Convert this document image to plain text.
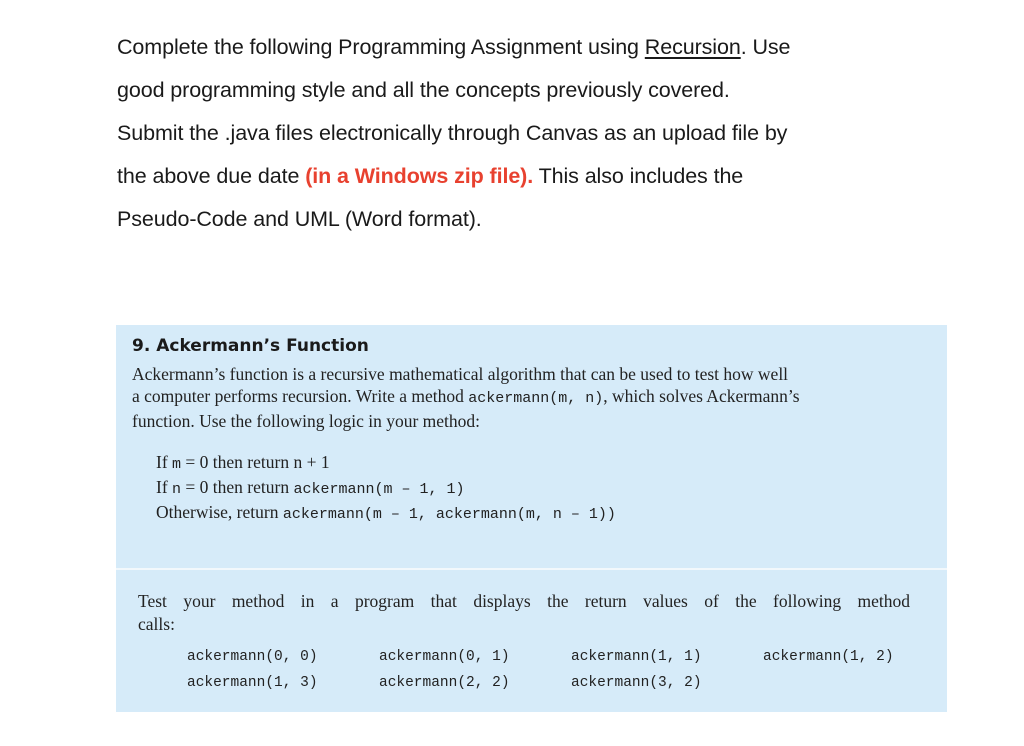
Complete the following Programming Assignment using Recursion. Use
good programming style and all the concepts previously covered.
Submit the .java files electronically through Canvas as an upload file by
the above due date (in a Windows zip file). This also includes the
Pseudo-Code and UML (Word format).
9. Ackermann’s Function
Ackermann’s function is a recursive mathematical algorithm that can be used to test how well
a computer performs recursion. Write a method ackermann(m, n), which solves Ackermann’s
function. Use the following logic in your method:
If m = 0 then return n + 1
If n = 0 then return ackermann(m – 1, 1)
Otherwise, return ackermann(m – 1, ackermann(m, n – 1))
Test your method in a program that displays the return values of the following method
calls:
ackermann(0, 0)	ackermann(0, 1)	ackermann(1, 1)	ackermann(1, 2)
ackermann(1, 3)	ackermann(2, 2)	ackermann(3, 2)
